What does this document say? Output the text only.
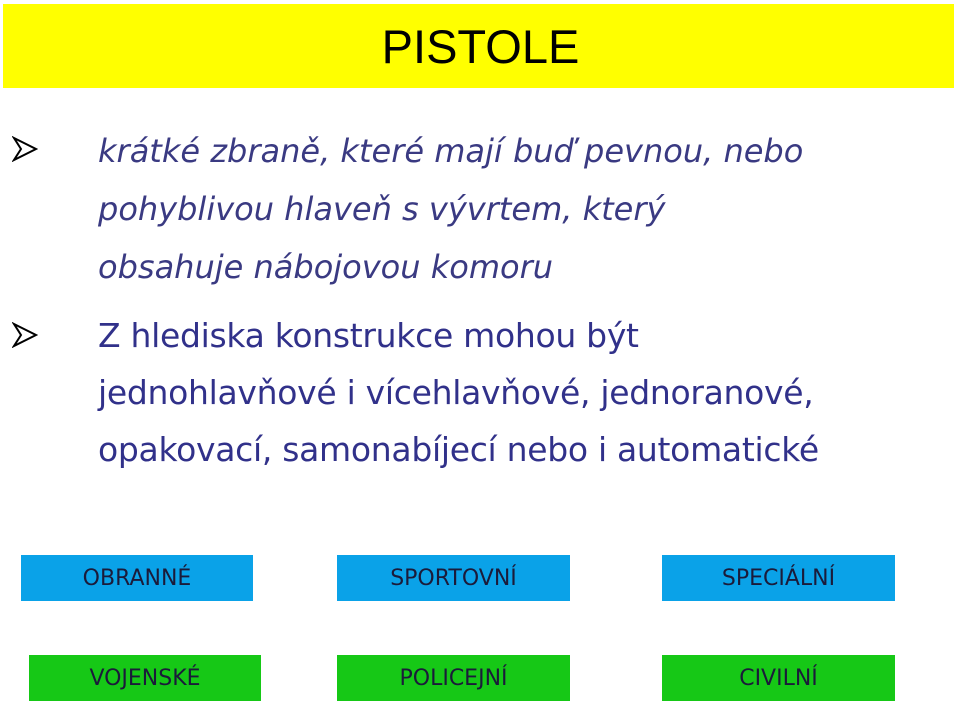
PISTOLE

krátké zbraně, které mají buď pevnou, nebo
pohyblivou hlaveň s vývrtem, který
obsahuje nábojovou komoru

Z hlediska konstrukce mohou být
jednohlavňové i vícehlavňové, jednoranové,
opakovací, samonabíjecí nebo i automatické

OBRANNÉ	SPORTOVNÍ	SPECIÁLNÍ
VOJENSKÉ	POLICEJNÍ	CIVILNÍ
